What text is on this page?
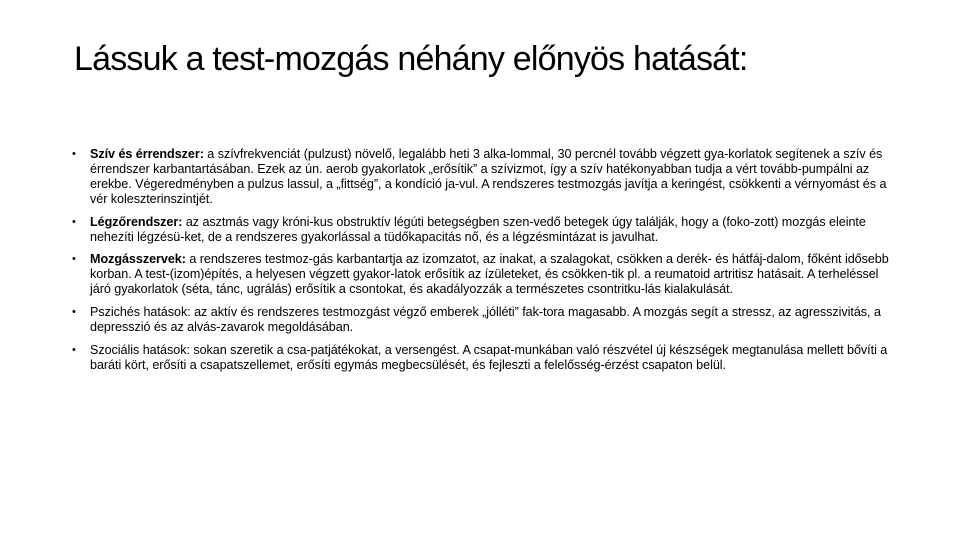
Lássuk a test-mozgás néhány előnyös hatását:
•	Szív és érrendszer: a szívfrekvenciát (pulzust) növelő, legalább heti 3 alka-lommal, 30 percnél tovább végzett gya-korlatok segítenek a szív és érrendszer karbantartásában. Ezek az ún. aerob gyakorlatok „erősítik” a szívizmot, így a szív hatékonyabban tudja a vért tovább-pumpálni az erekbe. Végeredményben a pulzus lassul, a „fittség”, a kondíció ja-vul. A rendszeres testmozgás javítja a keringést, csökkenti a vérnyomást és a vér koleszterinszintjét.
•	Légzőrendszer: az asztmás vagy króni-kus obstruktív légúti betegségben szen-vedő betegek úgy találják, hogy a (foko-zott) mozgás eleinte nehezíti légzésü-ket, de a rendszeres gyakorlással a tüdőkapacitás nő, és a légzésmintázat is javulhat.
•	Mozgásszervek: a rendszeres testmoz-gás karbantartja az izomzatot, az inakat, a szalagokat, csökken a derék- és hátfáj-dalom, főként idősebb korban. A test-(izom)építés, a helyesen végzett gyakor-latok erősítik az ízületeket, és csökken-tik pl. a reumatoid artritisz hatásait. A terheléssel járó gyakorlatok (séta, tánc, ugrálás) erősítik a csontokat, és akadályozzák a természetes csontritku-lás kialakulását.
•	Pszichés hatások: az aktív és rendszeres testmozgást végző emberek „jólléti” fak-tora magasabb. A mozgás segít a stressz, az agresszivitás, a depresszió és az alvás-zavarok megoldásában.
•	Szociális hatások: sokan szeretik a csa-patjátékokat, a versengést. A csapat-munkában való részvétel új készségek megtanulása mellett bővíti a baráti kört, erősíti a csapatszellemet, erősíti egymás megbecsülését, és fejleszti a felelősség-érzést csapaton belül.
